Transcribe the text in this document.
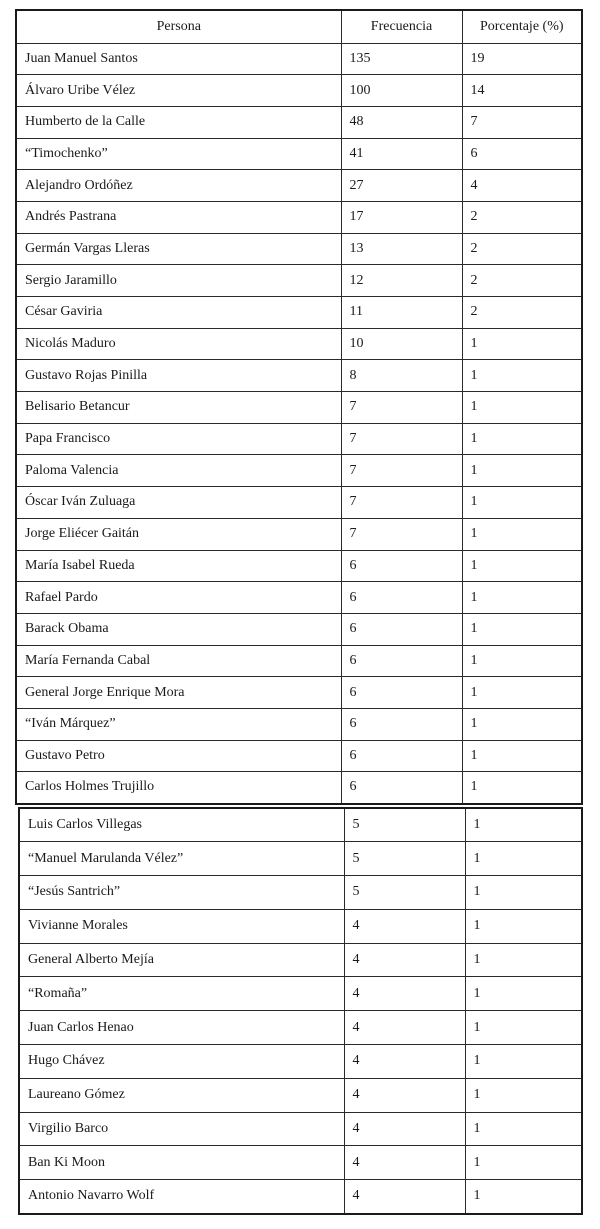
Persona	Frecuencia	Porcentaje (%)
Juan Manuel Santos	135	19
Álvaro Uribe Vélez	100	14
Humberto de la Calle	48	7
“Timochenko”	41	6
Alejandro Ordóñez	27	4
Andrés Pastrana	17	2
Germán Vargas Lleras	13	2
Sergio Jaramillo	12	2
César Gaviria	11	2
Nicolás Maduro	10	1
Gustavo Rojas Pinilla	8	1
Belisario Betancur	7	1
Papa Francisco	7	1
Paloma Valencia	7	1
Óscar Iván Zuluaga	7	1
Jorge Eliécer Gaitán	7	1
María Isabel Rueda	6	1
Rafael Pardo	6	1
Barack Obama	6	1
María Fernanda Cabal	6	1
General Jorge Enrique Mora	6	1
“Iván Márquez”	6	1
Gustavo Petro	6	1
Carlos Holmes Trujillo	6	1
Luis Carlos Villegas	5	1
“Manuel Marulanda Vélez”	5	1
“Jesús Santrich”	5	1
Vivianne Morales	4	1
General Alberto Mejía	4	1
“Romaña”	4	1
Juan Carlos Henao	4	1
Hugo Chávez	4	1
Laureano Gómez	4	1
Virgilio Barco	4	1
Ban Ki Moon	4	1
Antonio Navarro Wolf	4	1
